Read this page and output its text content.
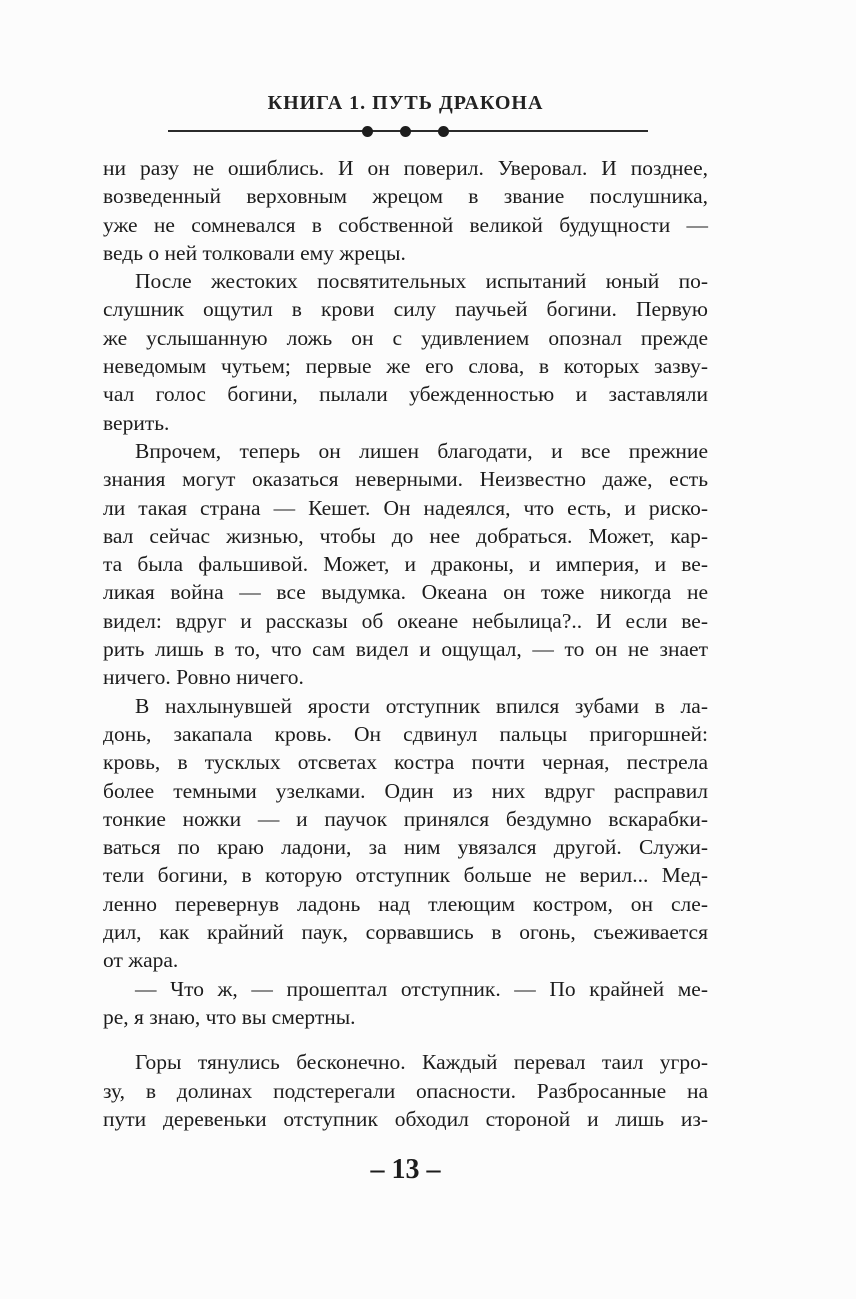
КНИГА 1. ПУТЬ ДРАКОНА
ни разу не ошиблись. И он поверил. Уверовал. И позднее,
возведенный верховным жрецом в звание послушника,
уже не сомневался в собственной великой будущности —
ведь о ней толковали ему жрецы.
После жестоких посвятительных испытаний юный по-
слушник ощутил в крови силу паучьей богини. Первую
же услышанную ложь он с удивлением опознал прежде
неведомым чутьем; первые же его слова, в которых зазву-
чал голос богини, пылали убежденностью и заставляли
верить.
Впрочем, теперь он лишен благодати, и все прежние
знания могут оказаться неверными. Неизвестно даже, есть
ли такая страна — Кешет. Он надеялся, что есть, и риско-
вал сейчас жизнью, чтобы до нее добраться. Может, кар-
та была фальшивой. Может, и драконы, и империя, и ве-
ликая война — все выдумка. Океана он тоже никогда не
видел: вдруг и рассказы об океане небылица?.. И если ве-
рить лишь в то, что сам видел и ощущал, — то он не знает
ничего. Ровно ничего.
В нахлынувшей ярости отступник впился зубами в ла-
донь, закапала кровь. Он сдвинул пальцы пригоршней:
кровь, в тусклых отсветах костра почти черная, пестрела
более темными узелками. Один из них вдруг расправил
тонкие ножки — и паучок принялся бездумно вскарабки-
ваться по краю ладони, за ним увязался другой. Служи-
тели богини, в которую отступник больше не верил... Мед-
ленно перевернув ладонь над тлеющим костром, он сле-
дил, как крайний паук, сорвавшись в огонь, съеживается
от жара.
— Что ж, — прошептал отступник. — По крайней ме-
ре, я знаю, что вы смертны.
Горы тянулись бесконечно. Каждый перевал таил угро-
зу, в долинах подстерегали опасности. Разбросанные на
пути деревеньки отступник обходил стороной и лишь из-
– 13 –
